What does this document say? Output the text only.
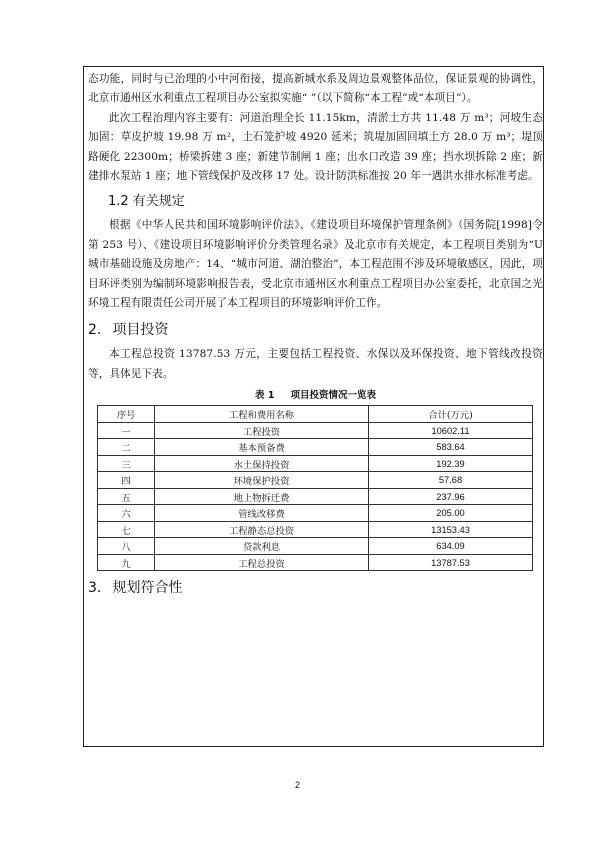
态功能，同时与已治理的小中河衔接，提高新城水系及周边景观整体品位，保证景观的协调性，北京市通州区水利重点工程项目办公室拟实施“ ”（以下简称“本工程”或“本项目”）。

此次工程治理内容主要有：河道治理全长 11.15km，清淤土方共 11.48 万 m³；河坡生态加固：草皮护坡 19.98 万 m²，土石笼护坡 4920 延米；筑堤加固回填土方 28.0 万 m³；堤顶路硬化 22300m；桥梁拆建 3 座；新建节制闸 1 座；出水口改造 39 座；挡水坝拆除 2 座；新建排水泵站 1 座；地下管线保护及改移 17 处。设计防洪标准按 20 年一遇洪水排水标准考虑。

1.2 有关规定

根据《中华人民共和国环境影响评价法》、《建设项目环境保护管理条例》（国务院[1998]令第 253 号）、《建设项目环境影响评价分类管理名录》及北京市有关规定，本工程项目类别为“U 城市基础设施及房地产：14、“城市河道、湖泊整治”，本工程范围不涉及环境敏感区，因此，项目环评类别为编制环境影响报告表，受北京市通州区水利重点工程项目办公室委托，北京国之光环境工程有限责任公司开展了本工程项目的环境影响评价工作。

2. 项目投资

本工程总投资 13787.53 万元，主要包括工程投资、水保以及环保投资、地下管线改投资等，具体见下表。

表 1 项目投资情况一览表
序号	工程和费用名称	合计(万元)
一	工程投资	10602.11
二	基本预备费	583.64
三	水土保持投资	192.39
四	环境保护投资	57.68
五	地上物拆迁费	237.96
六	管线改移费	205.00
七	工程静态总投资	13153.43
八	贷款利息	634.09
九	工程总投资	13787.53
3. 规划符合性
2
